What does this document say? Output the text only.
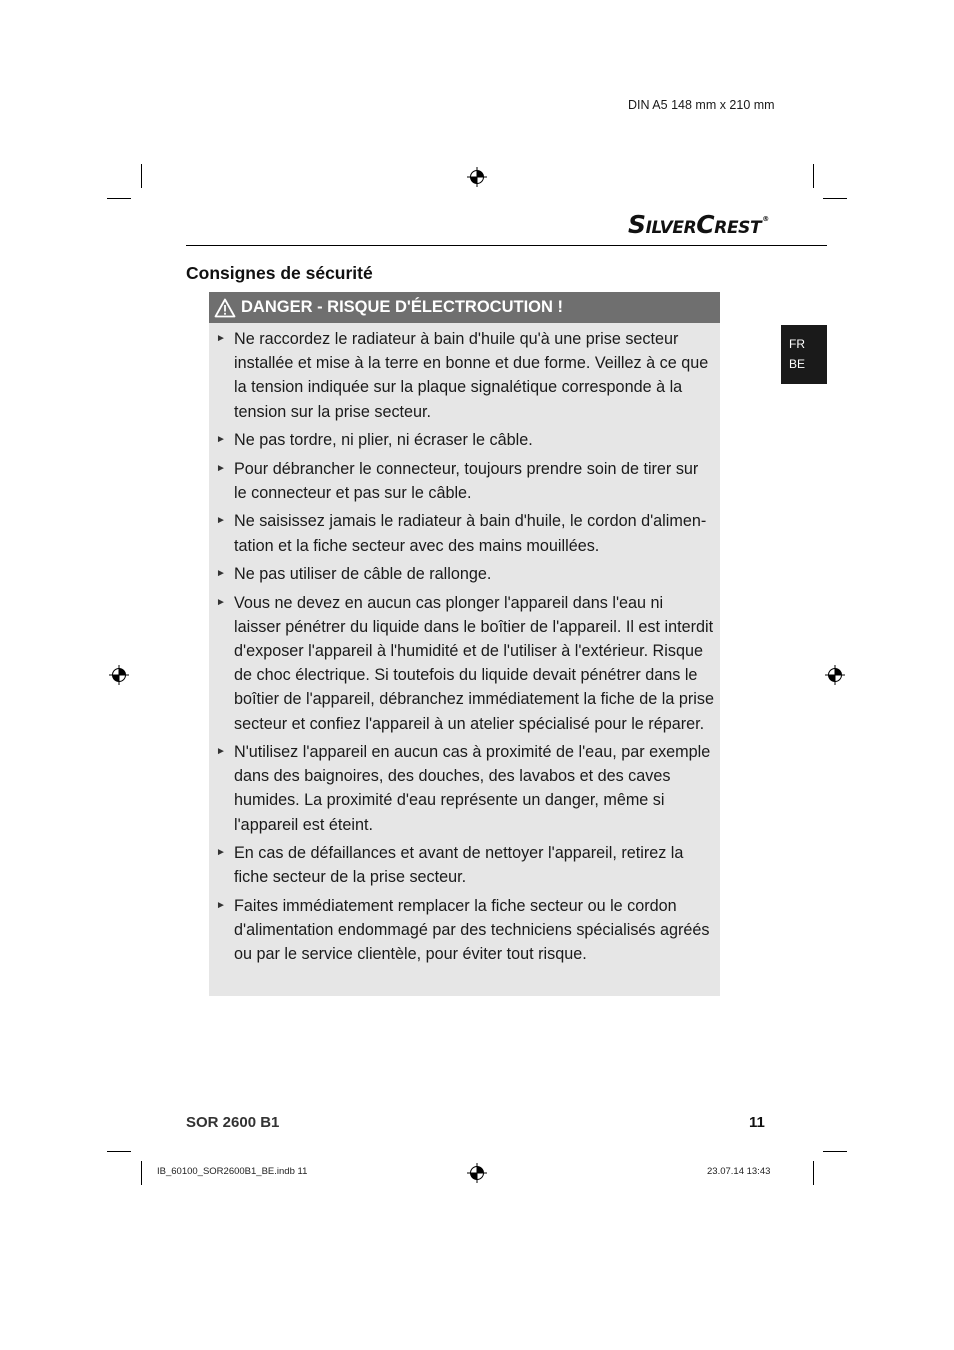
DIN A5 148 mm x 210 mm
SILVERCREST®
FR
BE
Consignes de sécurité
DANGER - RISQUE D'ÉLECTROCUTION !
► Ne raccordez le radiateur à bain d'huile qu'à une prise secteur installée et mise à la terre en bonne et due forme. Veillez à ce que la tension indiquée sur la plaque signalétique corresponde à la tension sur la prise secteur.
► Ne pas tordre, ni plier, ni écraser le câble.
► Pour débrancher le connecteur, toujours prendre soin de tirer sur le connecteur et pas sur le câble.
► Ne saisissez jamais le radiateur à bain d'huile, le cordon d'alimen-tation et la fiche secteur avec des mains mouillées.
► Ne pas utiliser de câble de rallonge.
► Vous ne devez en aucun cas plonger l'appareil dans l'eau ni laisser pénétrer du liquide dans le boîtier de l'appareil. Il est interdit d'exposer l'appareil à l'humidité et de l'utiliser à l'extérieur. Risque de choc électrique. Si toutefois du liquide devait pénétrer dans le boîtier de l'appareil, débranchez immédiatement la fiche de la prise secteur et confiez l'appareil à un atelier spécialisé pour le réparer.
► N'utilisez l'appareil en aucun cas à proximité de l'eau, par exemple dans des baignoires, des douches, des lavabos et des caves humides. La proximité d'eau représente un danger, même si l'appareil est éteint.
► En cas de défaillances et avant de nettoyer l'appareil, retirez la fiche secteur de la prise secteur.
► Faites immédiatement remplacer la fiche secteur ou le cordon d'alimentation endommagé par des techniciens spécialisés agréés ou par le service clientèle, pour éviter tout risque.
SOR 2600 B1	11
IB_60100_SOR2600B1_BE.indb 11	23.07.14 13:43
